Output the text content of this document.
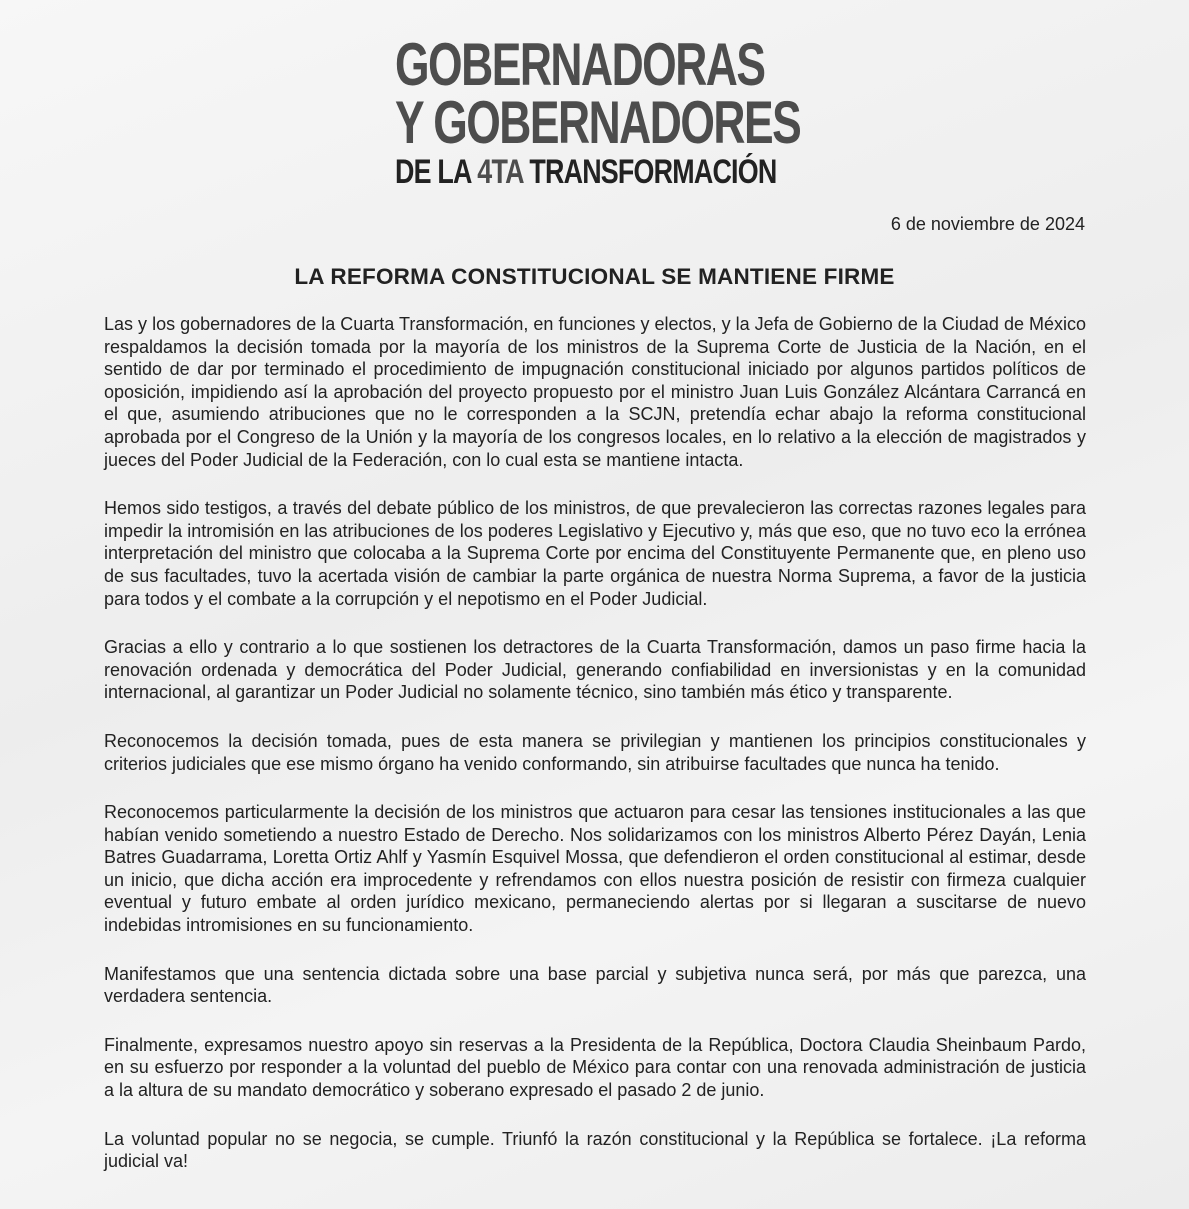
GOBERNADORAS
Y GOBERNADORES
DE LA 4TA TRANSFORMACIÓN
6 de noviembre de 2024
LA REFORMA CONSTITUCIONAL SE MANTIENE FIRME

Las y los gobernadores de la Cuarta Transformación, en funciones y electos, y la Jefa de Gobierno de la Ciudad de México respaldamos la decisión tomada por la mayoría de los ministros de la Suprema Corte de Justicia de la Nación, en el sentido de dar por terminado el procedimiento de impugnación constitucional iniciado por algunos partidos políticos de oposición, impidiendo así la aprobación del proyecto propuesto por el ministro Juan Luis González Alcántara Carrancá en el que, asumiendo atribuciones que no le corresponden a la SCJN, pretendía echar abajo la reforma constitucional aprobada por el Congreso de la Unión y la mayoría de los congresos locales, en lo relativo a la elección de magistrados y jueces del Poder Judicial de la Federación, con lo cual esta se mantiene intacta.

Hemos sido testigos, a través del debate público de los ministros, de que prevalecieron las correctas razones legales para impedir la intromisión en las atribuciones de los poderes Legislativo y Ejecutivo y, más que eso, que no tuvo eco la errónea interpretación del ministro que colocaba a la Suprema Corte por encima del Constituyente Permanente que, en pleno uso de sus facultades, tuvo la acertada visión de cambiar la parte orgánica de nuestra Norma Suprema, a favor de la justicia para todos y el combate a la corrupción y el nepotismo en el Poder Judicial.

Gracias a ello y contrario a lo que sostienen los detractores de la Cuarta Transformación, damos un paso firme hacia la renovación ordenada y democrática del Poder Judicial, generando confiabilidad en inversionistas y en la comunidad internacional, al garantizar un Poder Judicial no solamente técnico, sino también más ético y transparente.

Reconocemos la decisión tomada, pues de esta manera se privilegian y mantienen los principios constitucionales y criterios judiciales que ese mismo órgano ha venido conformando, sin atribuirse facultades que nunca ha tenido.

Reconocemos particularmente la decisión de los ministros que actuaron para cesar las tensiones institucionales a las que habían venido sometiendo a nuestro Estado de Derecho. Nos solidarizamos con los ministros Alberto Pérez Dayán, Lenia Batres Guadarrama, Loretta Ortiz Ahlf y Yasmín Esquivel Mossa, que defendieron el orden constitucional al estimar, desde un inicio, que dicha acción era improcedente y refrendamos con ellos nuestra posición de resistir con firmeza cualquier eventual y futuro embate al orden jurídico mexicano, permaneciendo alertas por si llegaran a suscitarse de nuevo indebidas intromisiones en su funcionamiento.

Manifestamos que una sentencia dictada sobre una base parcial y subjetiva nunca será, por más que parezca, una verdadera sentencia.

Finalmente, expresamos nuestro apoyo sin reservas a la Presidenta de la República, Doctora Claudia Sheinbaum Pardo, en su esfuerzo por responder a la voluntad del pueblo de México para contar con una renovada administración de justicia a la altura de su mandato democrático y soberano expresado el pasado 2 de junio.

La voluntad popular no se negocia, se cumple. Triunfó la razón constitucional y la República se fortalece. ¡La reforma judicial va!
